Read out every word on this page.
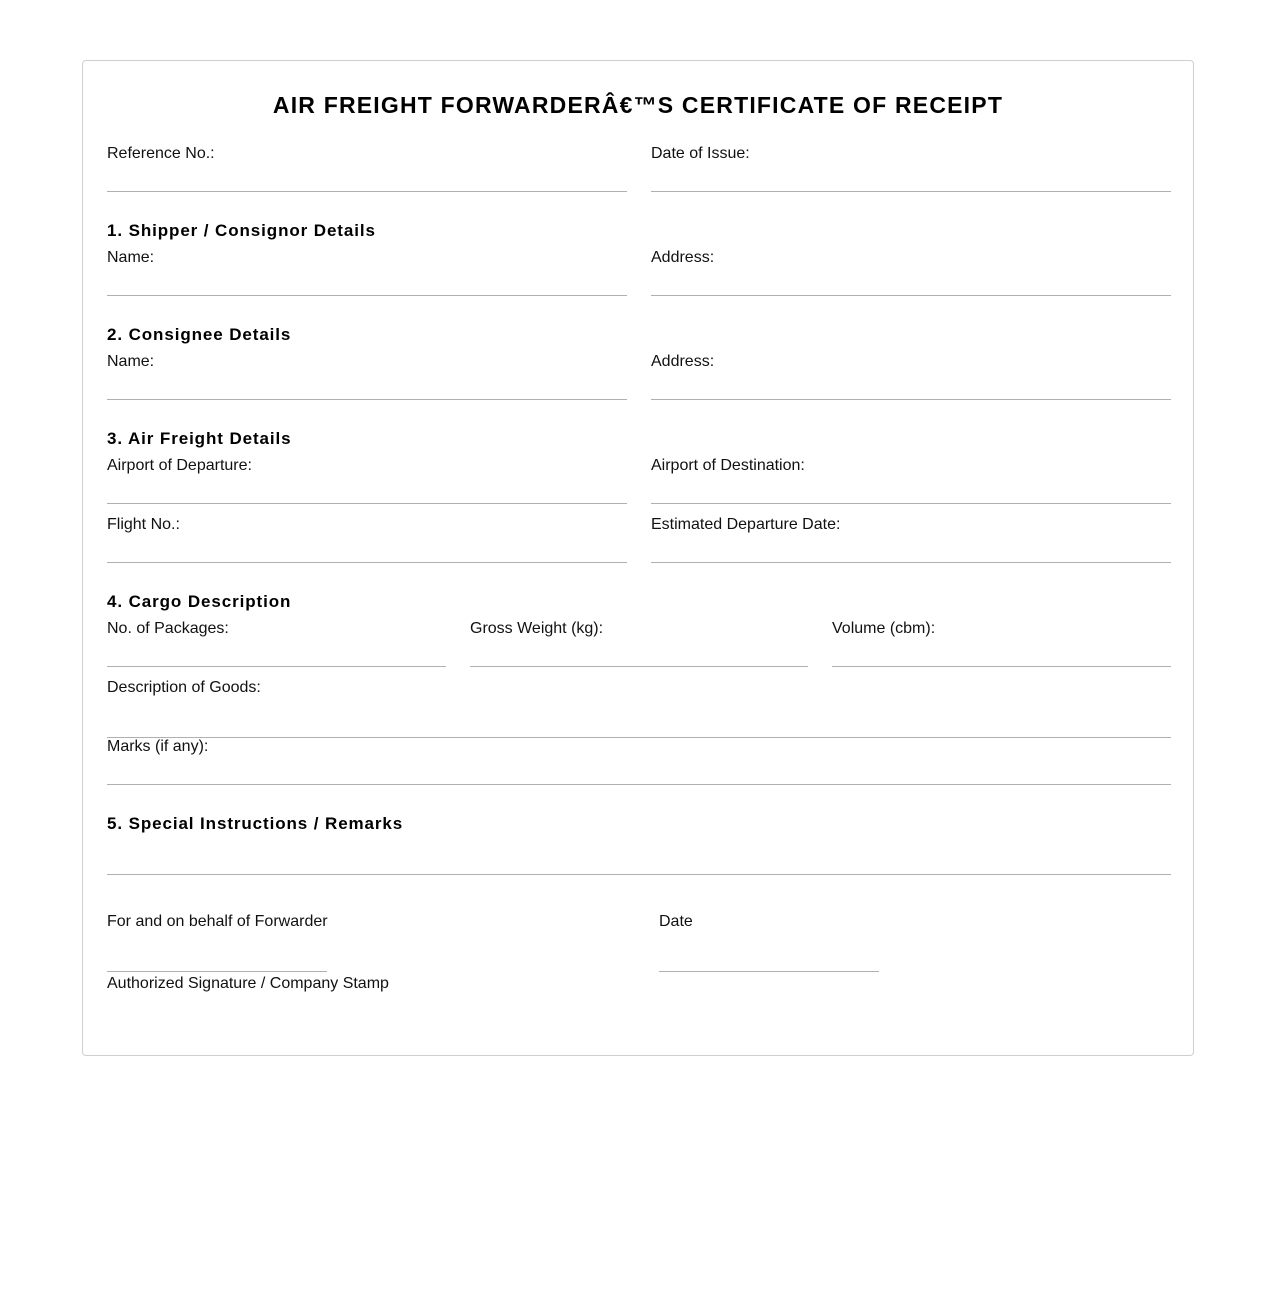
AIR FREIGHT FORWARDERÂ€™S CERTIFICATE OF RECEIPT
Reference No.:	Date of Issue:
1. Shipper / Consignor Details
Name:	Address:
2. Consignee Details
Name:	Address:
3. Air Freight Details
Airport of Departure:	Airport of Destination:
Flight No.:	Estimated Departure Date:
4. Cargo Description
No. of Packages:	Gross Weight (kg):	Volume (cbm):
Description of Goods:
Marks (if any):
5. Special Instructions / Remarks
For and on behalf of Forwarder
Authorized Signature / Company Stamp
Date
